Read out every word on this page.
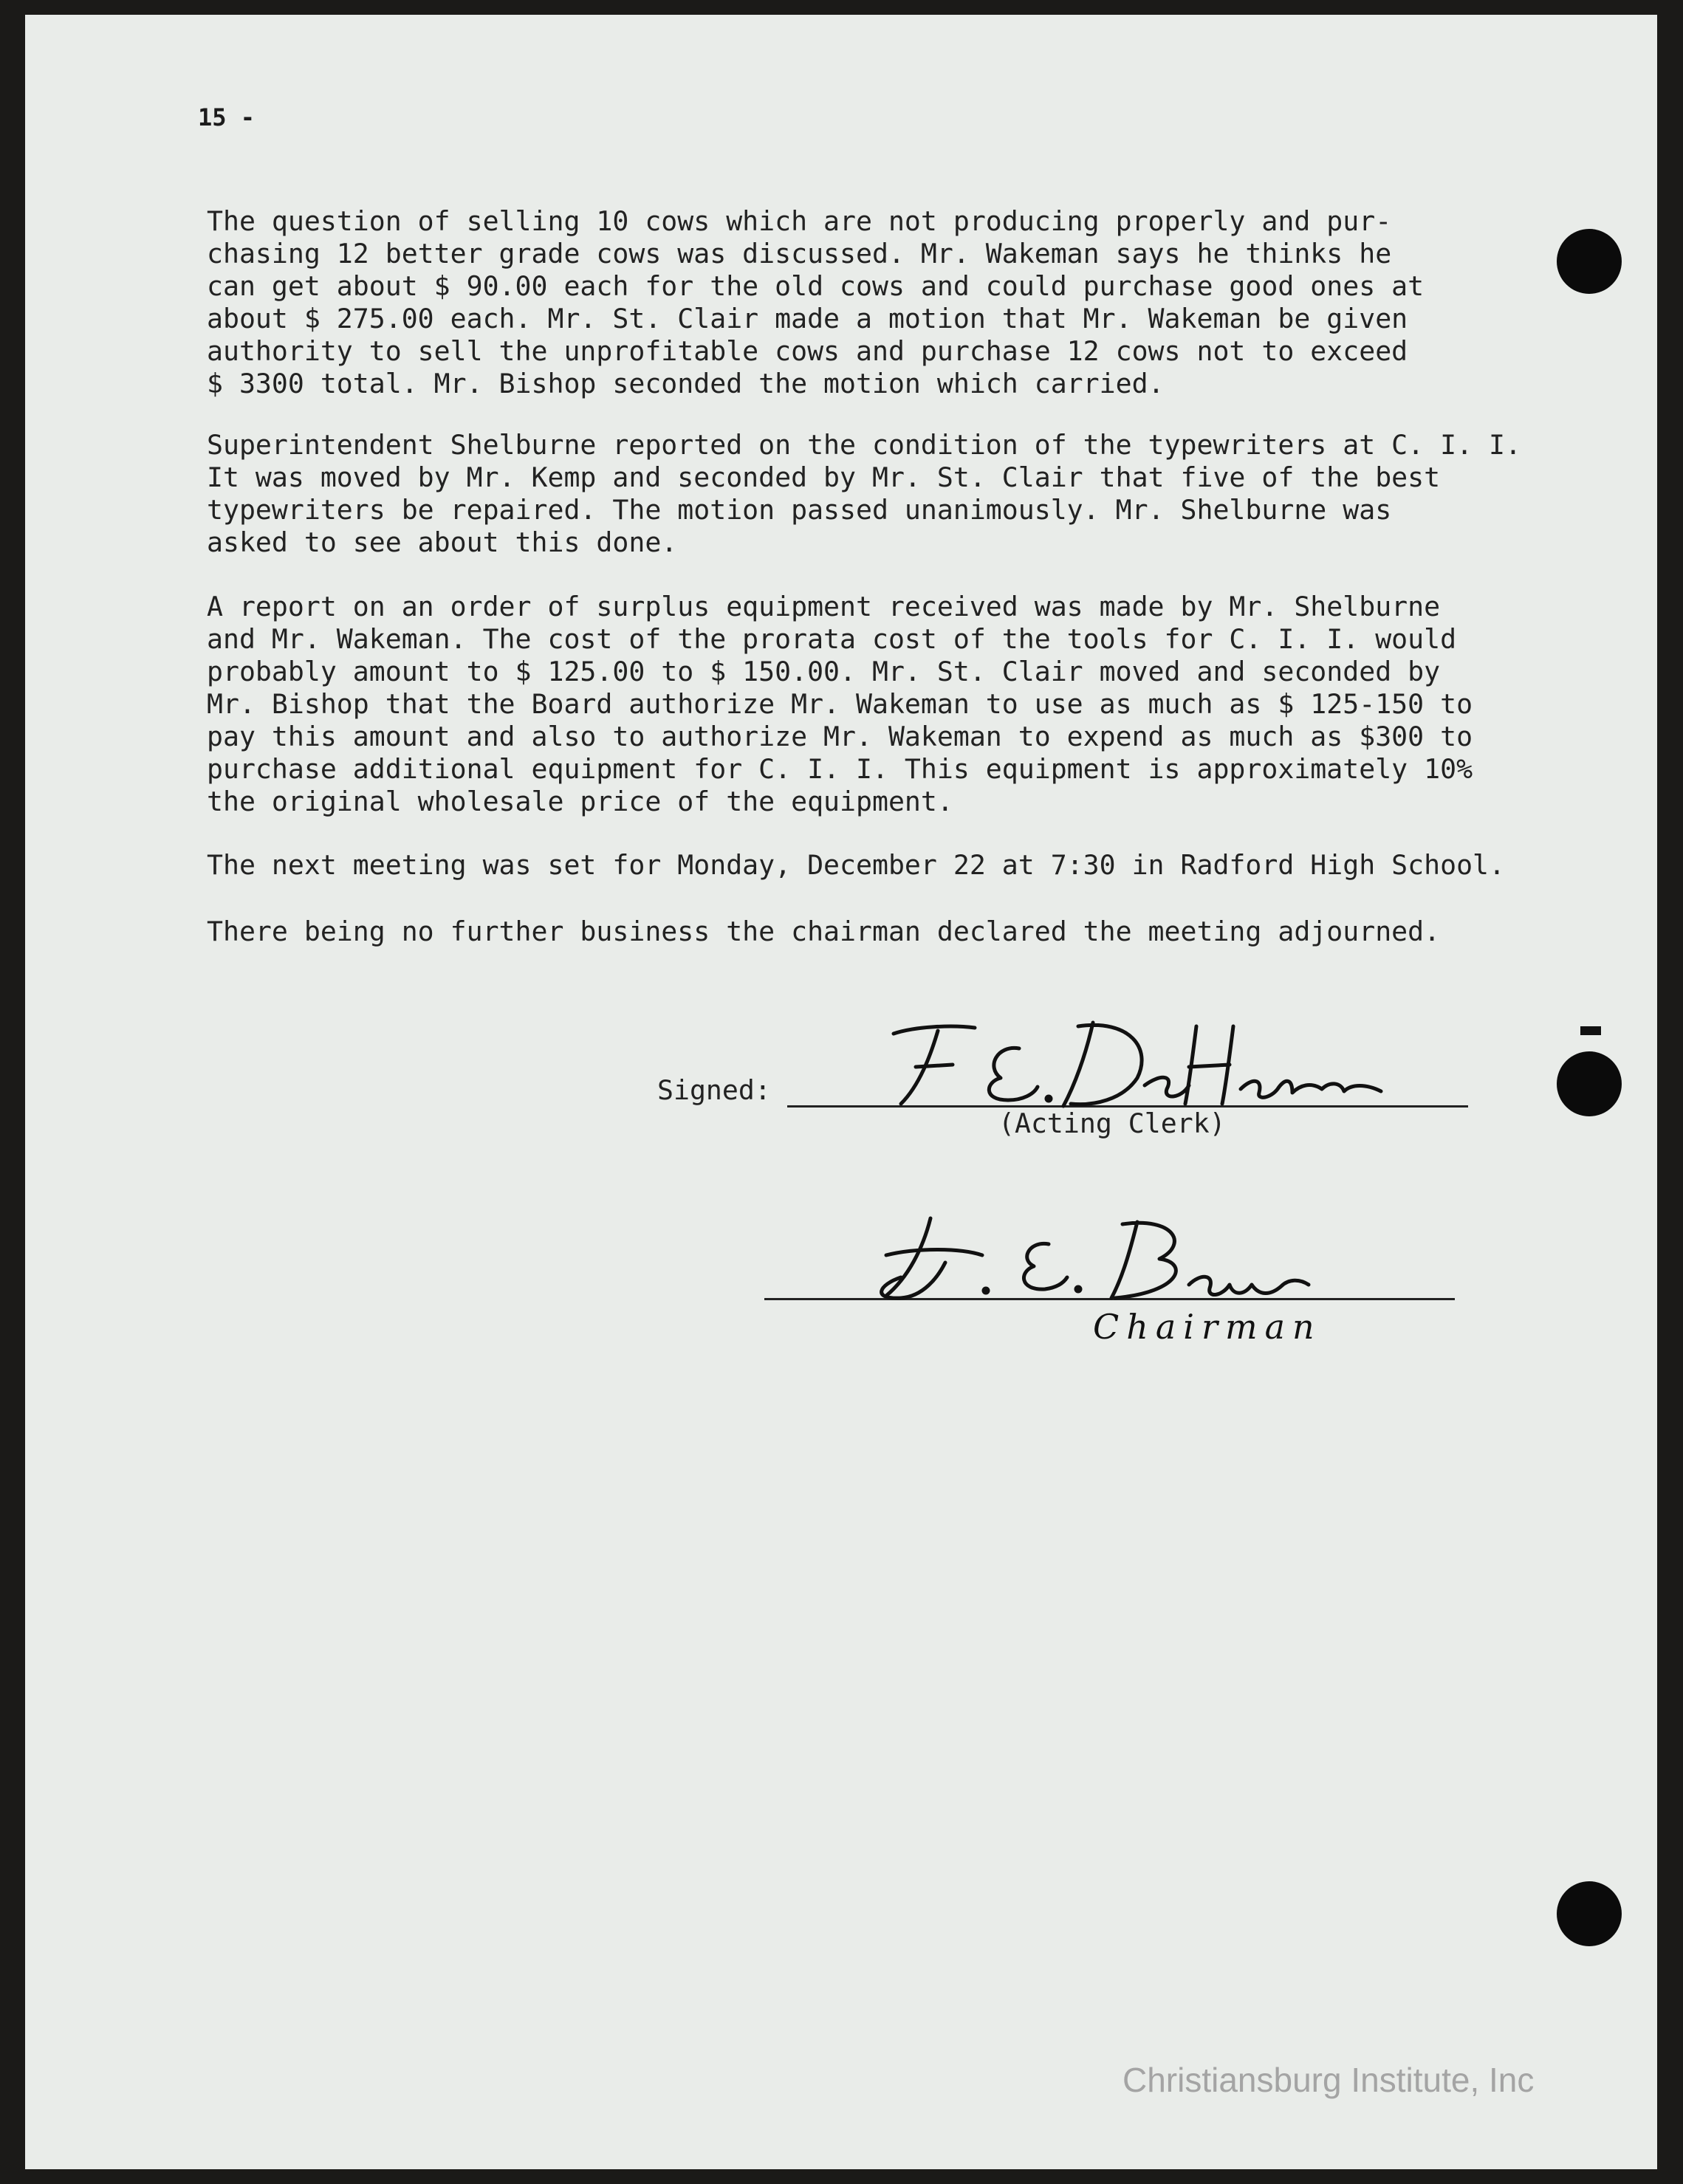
15 -
The question of selling 10 cows which are not producing properly and pur-
chasing 12 better grade cows was discussed. Mr. Wakeman says he thinks he
can get about $ 90.00 each for the old cows and could purchase good ones at
about $ 275.00 each. Mr. St. Clair made a motion that Mr. Wakeman be given
authority to sell the unprofitable cows and purchase 12 cows not to exceed
$ 3300 total. Mr. Bishop seconded the motion which carried.
Superintendent Shelburne reported on the condition of the typewriters at C. I. I.
It was moved by Mr. Kemp and seconded by Mr. St. Clair that five of the best
typewriters be repaired. The motion passed unanimously. Mr. Shelburne was
asked to see about this done.
A report on an order of surplus equipment received was made by Mr. Shelburne
and Mr. Wakeman. The cost of the prorata cost of the tools for C. I. I. would
probably amount to $ 125.00 to $ 150.00. Mr. St. Clair moved and seconded by
Mr. Bishop that the Board authorize Mr. Wakeman to use as much as $ 125-150 to
pay this amount and also to authorize Mr. Wakeman to expend as much as $300 to
purchase additional equipment for C. I. I. This equipment is approximately 10%
the original wholesale price of the equipment.
The next meeting was set for Monday, December 22 at 7:30 in Radford High School.
There being no further business the chairman declared the meeting adjourned.
Signed:
(Acting Clerk)
Chairman
Christiansburg Institute, Inc
